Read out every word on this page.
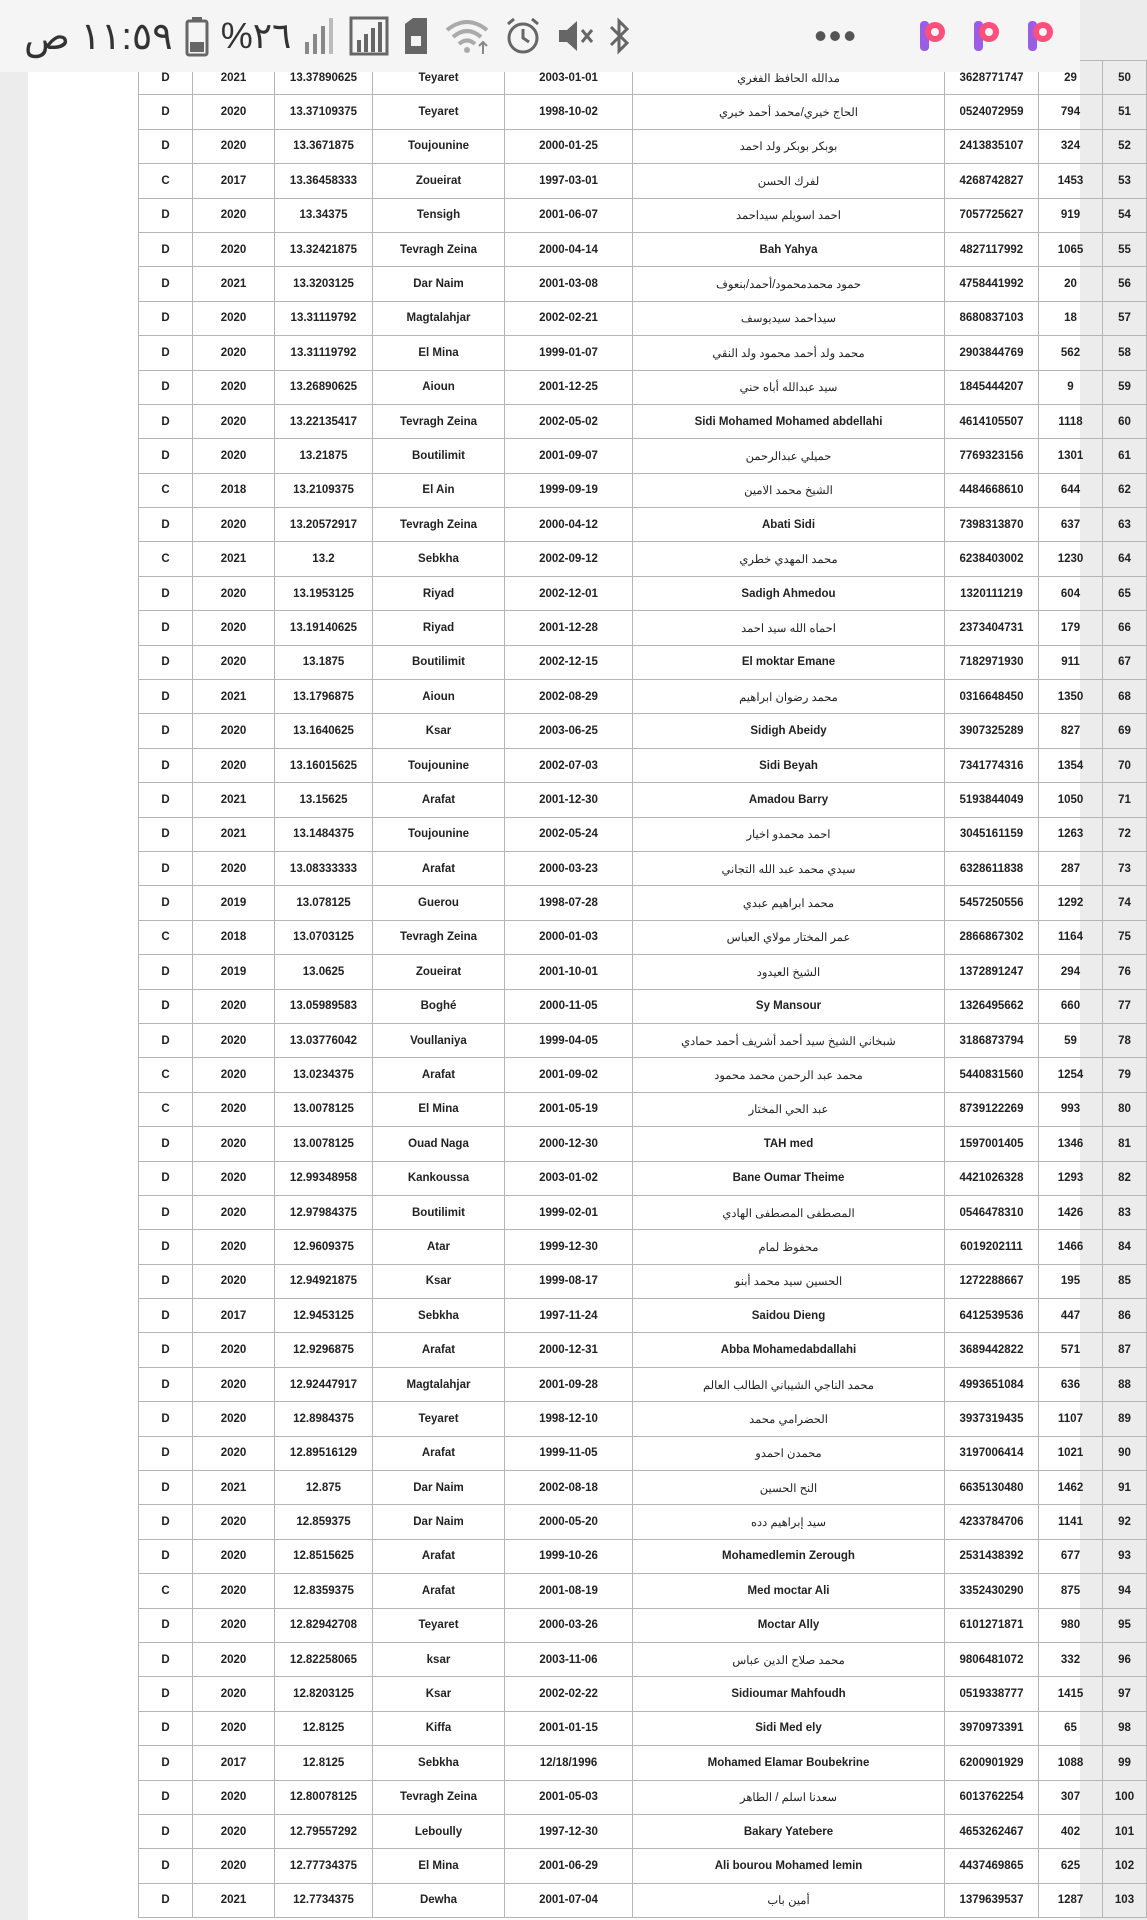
١١:٥٩ ص %٢٦	•••
D	2021	13.37890625	Teyaret	2003-01-01	مدالله الحافظ الفغري	3628771747	29	50
D	2020	13.37109375	Teyaret	1998-10-02	الحاج خيري/محمد أحمد خيري	0524072959	794	51
D	2020	13.3671875	Toujounine	2000-01-25	بوبكر بوبكر ولد احمد	2413835107	324	52
C	2017	13.36458333	Zoueirat	1997-03-01	لفرك الحسن	4268742827	1453	53
D	2020	13.34375	Tensigh	2001-06-07	احمد اسويلم سيداحمد	7057725627	919	54
D	2020	13.32421875	Tevragh Zeina	2000-04-14	Bah Yahya	4827117992	1065	55
D	2021	13.3203125	Dar Naim	2001-03-08	حمود محمدمحمود/أحمد/بنعوف	4758441992	20	56
D	2020	13.31119792	Magtalahjar	2002-02-21	سيداحمد سيديوسف	8680837103	18	57
D	2020	13.31119792	El Mina	1999-01-07	محمد ولد أحمد محمود ولد النقي	2903844769	562	58
D	2020	13.26890625	Aioun	2001-12-25	سيد عبدالله أباه حني	1845444207	9	59
D	2020	13.22135417	Tevragh Zeina	2002-05-02	Sidi Mohamed Mohamed abdellahi	4614105507	1118	60
D	2020	13.21875	Boutilimit	2001-09-07	حميلي عبدالرحمن	7769323156	1301	61
C	2018	13.2109375	El Ain	1999-09-19	الشيخ محمد الامين	4484668610	644	62
D	2020	13.20572917	Tevragh Zeina	2000-04-12	Abati Sidi	7398313870	637	63
C	2021	13.2	Sebkha	2002-09-12	محمد المهدي خطري	6238403002	1230	64
D	2020	13.1953125	Riyad	2002-12-01	Sadigh Ahmedou	1320111219	604	65
D	2020	13.19140625	Riyad	2001-12-28	احماه الله سيد احمد	2373404731	179	66
D	2020	13.1875	Boutilimit	2002-12-15	El moktar Emane	7182971930	911	67
D	2021	13.1796875	Aioun	2002-08-29	محمد رضوان ابراهيم	0316648450	1350	68
D	2020	13.1640625	Ksar	2003-06-25	Sidigh Abeidy	3907325289	827	69
D	2020	13.16015625	Toujounine	2002-07-03	Sidi Beyah	7341774316	1354	70
D	2021	13.15625	Arafat	2001-12-30	Amadou Barry	5193844049	1050	71
D	2021	13.1484375	Toujounine	2002-05-24	احمد محمدو اخيار	3045161159	1263	72
D	2020	13.08333333	Arafat	2000-03-23	سيدي محمد عبد الله التجاني	6328611838	287	73
D	2019	13.078125	Guerou	1998-07-28	محمد ابراهيم عبدي	5457250556	1292	74
C	2018	13.0703125	Tevragh Zeina	2000-01-03	عمر المختار مولاي العباس	2866867302	1164	75
D	2019	13.0625	Zoueirat	2001-10-01	الشيخ العيدود	1372891247	294	76
D	2020	13.05989583	Boghé	2000-11-05	Sy Mansour	1326495662	660	77
D	2020	13.03776042	Voullaniya	1999-04-05	شبخاني الشيخ سيد أحمد أشريف أحمد حمادي	3186873794	59	78
C	2020	13.0234375	Arafat	2001-09-02	محمد عبد الرحمن محمد محمود	5440831560	1254	79
C	2020	13.0078125	El Mina	2001-05-19	عبد الحي المختار	8739122269	993	80
D	2020	13.0078125	Ouad Naga	2000-12-30	TAH med	1597001405	1346	81
D	2020	12.99348958	Kankoussa	2003-01-02	Bane Oumar Theime	4421026328	1293	82
D	2020	12.97984375	Boutilimit	1999-02-01	المصطفى المصطفى الهادي	0546478310	1426	83
D	2020	12.9609375	Atar	1999-12-30	محفوظ لمام	6019202111	1466	84
D	2020	12.94921875	Ksar	1999-08-17	الحسين سيد محمد أبنو	1272288667	195	85
D	2017	12.9453125	Sebkha	1997-11-24	Saidou Dieng	6412539536	447	86
D	2020	12.9296875	Arafat	2000-12-31	Abba Mohamedabdallahi	3689442822	571	87
D	2020	12.92447917	Magtalahjar	2001-09-28	محمد الناجي الشيباني الطالب العالم	4993651084	636	88
D	2020	12.8984375	Teyaret	1998-12-10	الحضرامي محمد	3937319435	1107	89
D	2020	12.89516129	Arafat	1999-11-05	محمدن احمدو	3197006414	1021	90
D	2021	12.875	Dar Naim	2002-08-18	النح الحسين	6635130480	1462	91
D	2020	12.859375	Dar Naim	2000-05-20	سيد إبراهيم دده	4233784706	1141	92
D	2020	12.8515625	Arafat	1999-10-26	Mohamedlemin Zerough	2531438392	677	93
C	2020	12.8359375	Arafat	2001-08-19	Med moctar Ali	3352430290	875	94
D	2020	12.82942708	Teyaret	2000-03-26	Moctar Ally	6101271871	980	95
D	2020	12.82258065	ksar	2003-11-06	محمد صلاح الدين عباس	9806481072	332	96
D	2020	12.8203125	Ksar	2002-02-22	Sidioumar Mahfoudh	0519338777	1415	97
D	2020	12.8125	Kiffa	2001-01-15	Sidi Med ely	3970973391	65	98
D	2017	12.8125	Sebkha	12/18/1996	Mohamed Elamar Boubekrine	6200901929	1088	99
D	2020	12.80078125	Tevragh Zeina	2001-05-03	سعدنا اسلم / الطاهر	6013762254	307	100
D	2020	12.79557292	Leboully	1997-12-30	Bakary Yatebere	4653262467	402	101
D	2020	12.77734375	El Mina	2001-06-29	Ali bourou Mohamed lemin	4437469865	625	102
D	2021	12.7734375	Dewha	2001-07-04	أمين باب	1379639537	1287	103
